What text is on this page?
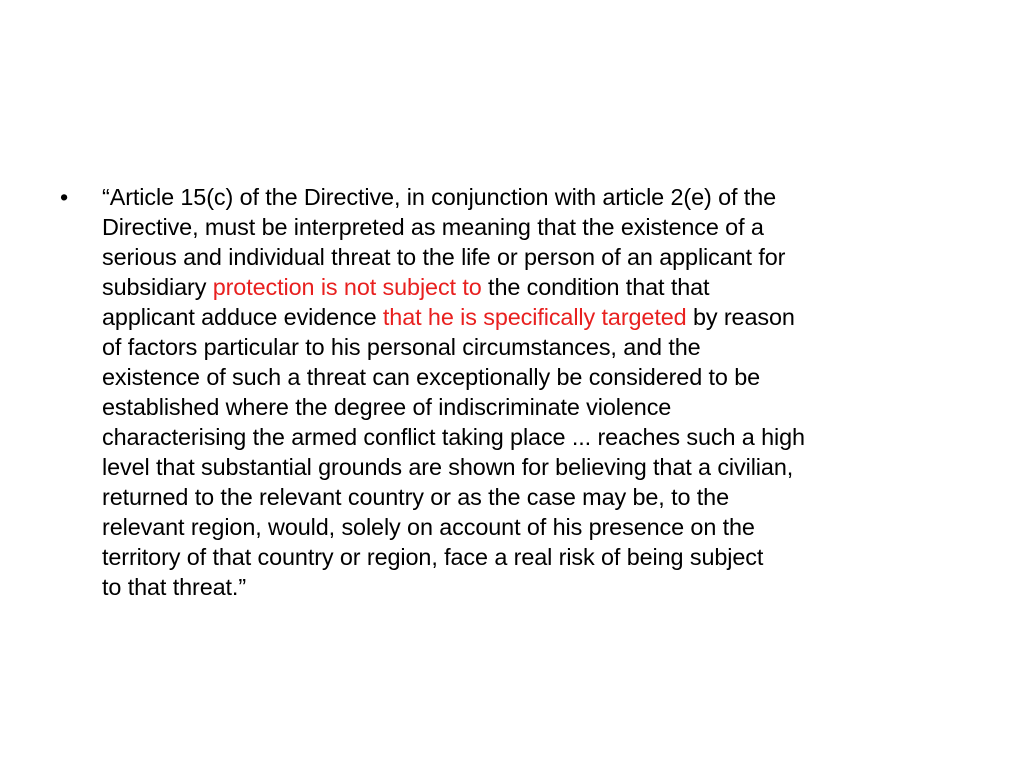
•	“Article 15(c) of the Directive, in conjunction with article 2(e) of the
Directive, must be interpreted as meaning that the existence of a
serious and individual threat to the life or person of an applicant for
subsidiary protection is not subject to the condition that that
applicant adduce evidence that he is specifically targeted by reason
of factors particular to his personal circumstances, and the
existence of such a threat can exceptionally be considered to be
established where the degree of indiscriminate violence
characterising the armed conflict taking place ... reaches such a high
level that substantial grounds are shown for believing that a civilian,
returned to the relevant country or as the case may be, to the
relevant region, would, solely on account of his presence on the
territory of that country or region, face a real risk of being subject
to that threat.”
